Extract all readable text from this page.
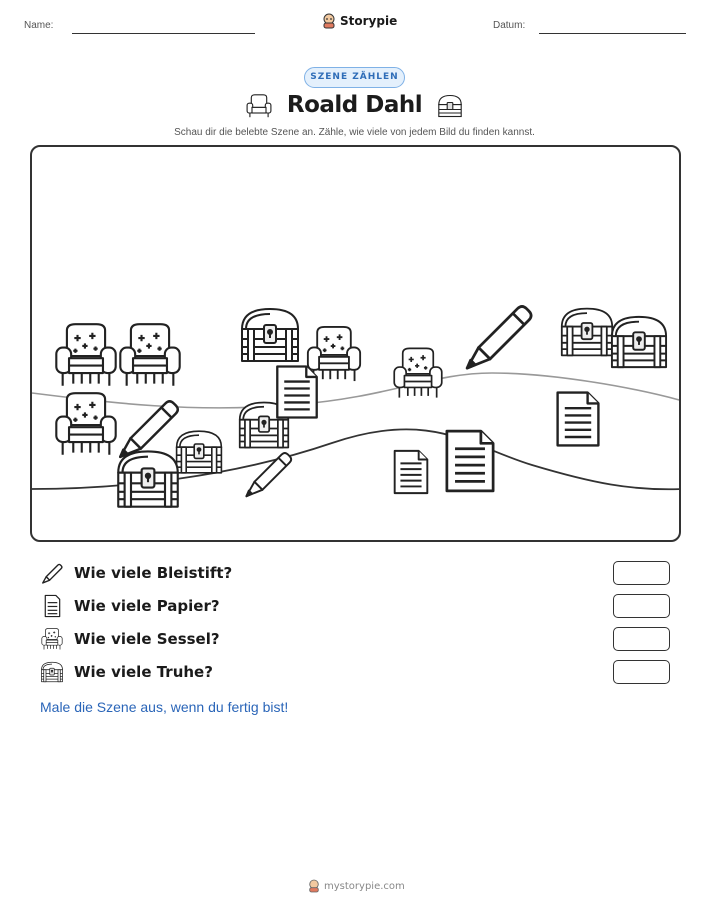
Name:	Storypie	Datum:
SZENE ZÄHLEN
Roald Dahl
Schau dir die belebte Szene an. Zähle, wie viele von jedem Bild du finden kannst.
Wie viele Bleistift?
Wie viele Papier?
Wie viele Sessel?
Wie viele Truhe?
Male die Szene aus, wenn du fertig bist!
mystorypie.com
